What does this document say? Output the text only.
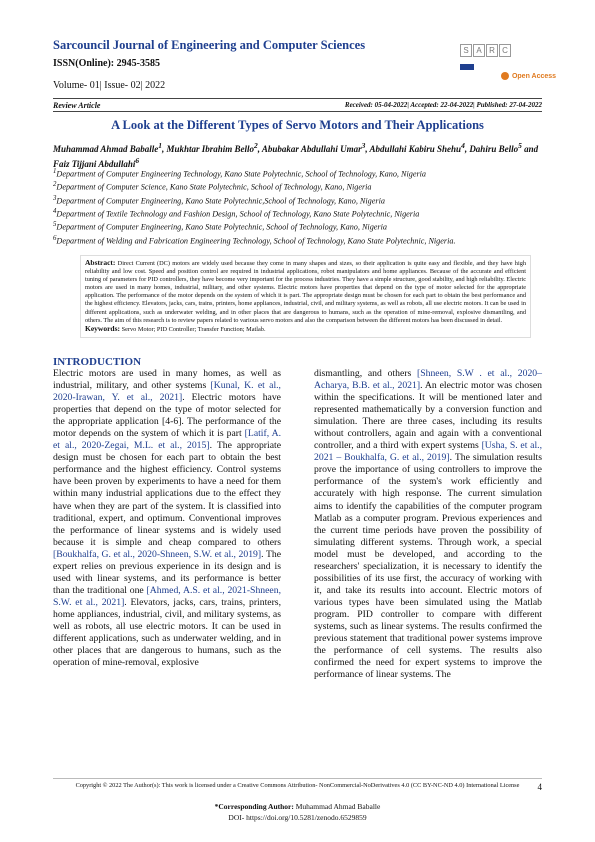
Sarcouncil Journal of Engineering and Computer Sciences
ISSN(Online): 2945-3585
Volume- 01| Issue- 02| 2022
S A R C
Open Access
Review Article	Received: 05-04-2022| Accepted: 22-04-2022| Published: 27-04-2022
A Look at the Different Types of Servo Motors and Their Applications
Muhammad Ahmad Baballe$^1$, Mukhtar Ibrahim Bello$^2$, Abubakar Abdullahi Umar$^3$, Abdullahi Kabiru Shehu$^4$, Dahiru Bello$^5$ and Faiz Tijjani Abdullahi$^6$
$^1$Department of Computer Engineering Technology, Kano State Polytechnic, School of Technology, Kano, Nigeria
$^2$Department of Computer Science, Kano State Polytechnic, School of Technology, Kano, Nigeria
$^3$Department of Computer Engineering, Kano State Polytechnic,School of Technology, Kano, Nigeria
$^4$Department of Textile Technology and Fashion Design, School of Technology, Kano State Polytechnic, Nigeria
$^5$Department of Computer Engineering, Kano State Polytechnic, School of Technology, Kano, Nigeria
$^6$Department of Welding and Fabrication Engineering Technology, School of Technology, Kano State Polytechnic, Nigeria.
Abstract: Direct Current (DC) motors are widely used because they come in many shapes and sizes, so their application is quite easy and flexible, and they have high reliability and low cost. Speed and position control are required in industrial applications, robot manipulators and home appliances. Because of the accurate and efficient tuning of parameters for PID controllers, they have become very important for the process industries. They have a simple structure, good stability, and high reliability. Electric motors are used in many homes, industrial, military, and other systems. Electric motors have properties that depend on the type of motor selected for the appropriate application. The performance of the motor depends on the system of which it is part. The appropriate design must be chosen for each part to obtain the best performance and the highest efficiency. Elevators, jacks, cars, trains, printers, home appliances, industrial, civil, and military systems, as well as robots, all use electric motors. It can be used in different applications, such as underwater welding, and in other places that are dangerous to humans, such as the operation of mine-removal, explosive dismantling, and others. The aim of this research is to review papers related to various servo motors and also the comparison between the different motors has been discussed in detail.
Keywords: Servo Motor; PID Controller; Transfer Function; Matlab.
INTRODUCTION
Electric motors are used in many homes, as well as industrial, military, and other systems [Kunal, K. et al., 2020-Irawan, Y. et al., 2021]. Electric motors have properties that depend on the type of motor selected for the appropriate application [4-6]. The performance of the motor depends on the system of which it is part [Latif, A. et al., 2020-Zegai, M.L. et al., 2015]. The appropriate design must be chosen for each part to obtain the best performance and the highest efficiency. Control systems have been proven by experiments to have a need for them within many industrial applications due to the effect they have when they are part of the system. It is classified into traditional, expert, and optimum. Conventional improves the performance of linear systems and is widely used because it is simple and cheap compared to others [Boukhalfa, G. et al., 2020-Shneen, S.W. et al., 2019]. The expert relies on previous experience in its design and is used with linear systems, and its performance is better than the traditional one [Ahmed, A.S. et al., 2021-Shneen, S.W. et al., 2021]. Elevators, jacks, cars, trains, printers, home appliances, industrial, civil, and military systems, as well as robots, all use electric motors. It can be used in different applications, such as underwater welding, and in other places that are dangerous to humans, such as the operation of mine-removal, explosive
dismantling, and others [Shneen, S.W . et al., 2020– Acharya, B.B. et al., 2021]. An electric motor was chosen within the specifications. It will be mentioned later and represented mathematically by a conversion function and simulation. There are three cases, including its results without controllers, again and again with a conventional controller, and a third with expert systems [Usha, S. et al., 2021 – Boukhalfa, G. et al., 2019]. The simulation results prove the importance of using controllers to improve the performance of the system's work efficiently and accurately with high response. The current simulation aims to identify the capabilities of the computer program Matlab as a computer program. Previous experiences and the current time periods have proven the possibility of simulating different systems. Through work, a special model must be developed, and according to the researchers' specialization, it is necessary to identify the possibilities of its use first, the accuracy of working with it, and take its results into account. Electric motors of various types have been simulated using the Matlab program. PID controller to compare with different systems, such as linear systems. The results confirmed the previous statement that traditional power systems improve the performance of cell systems. The results also confirmed the need for expert systems to improve the performance of linear systems. The
Copyright © 2022 The Author(s): This work is licensed under a Creative Commons Attribution- NonCommercial-NoDerivatives 4.0 (CC BY-NC-ND 4.0) International License	4
*Corresponding Author: Muhammad Ahmad Baballe
DOI- https://doi.org/10.5281/zenodo.6529859
